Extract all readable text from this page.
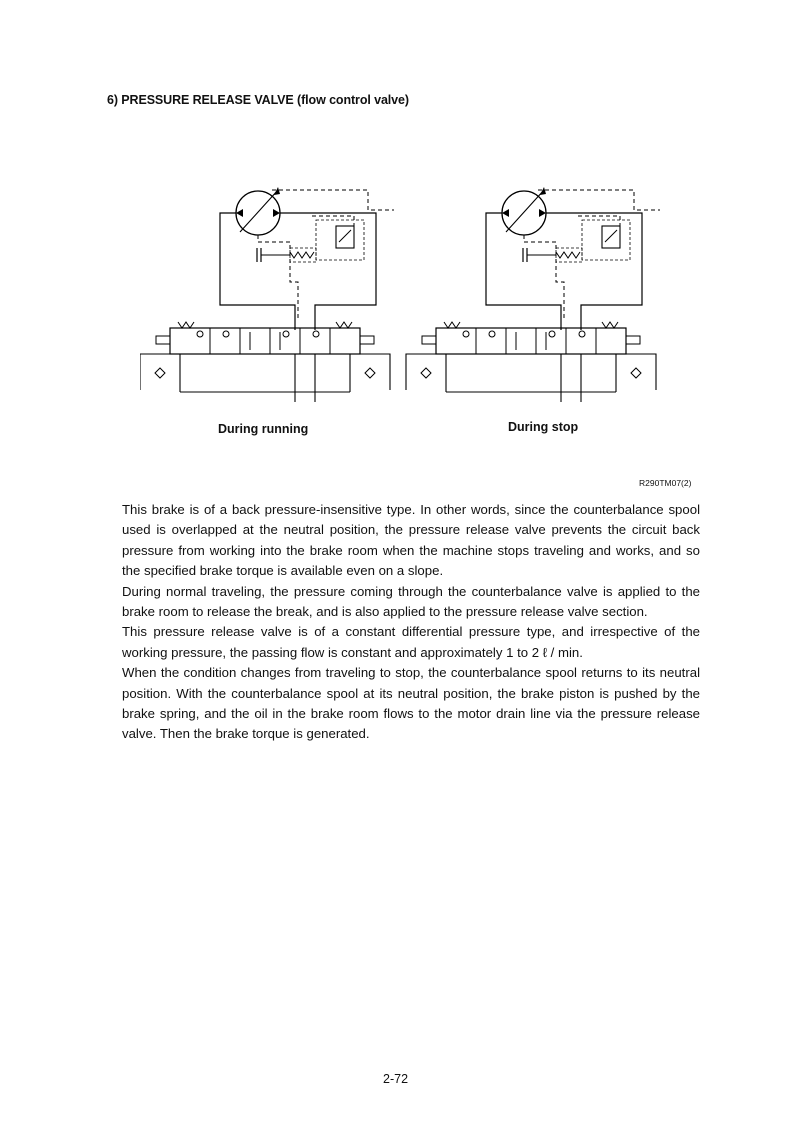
6) PRESSURE RELEASE VALVE (flow control valve)
During running	During stop
R290TM07(2)

This brake is of a back pressure-insensitive type. In other words, since the counterbalance spool used is overlapped at the neutral position, the pressure release valve prevents the circuit back pressure from working into the brake room when the machine stops traveling and works, and so the specified brake torque is available even on a slope.

During normal traveling, the pressure coming through the counterbalance valve is applied to the brake room to release the break, and is also applied to the pressure release valve section.

This pressure release valve is of a constant differential pressure type, and irrespective of the working pressure, the passing flow is constant and approximately 1 to 2 ℓ / min.

When the condition changes from traveling to stop, the counterbalance spool returns to its neutral position. With the counterbalance spool at its neutral position, the brake piston is pushed by the brake spring, and the oil in the brake room flows to the motor drain line via the pressure release valve. Then the brake torque is generated.

2-72
